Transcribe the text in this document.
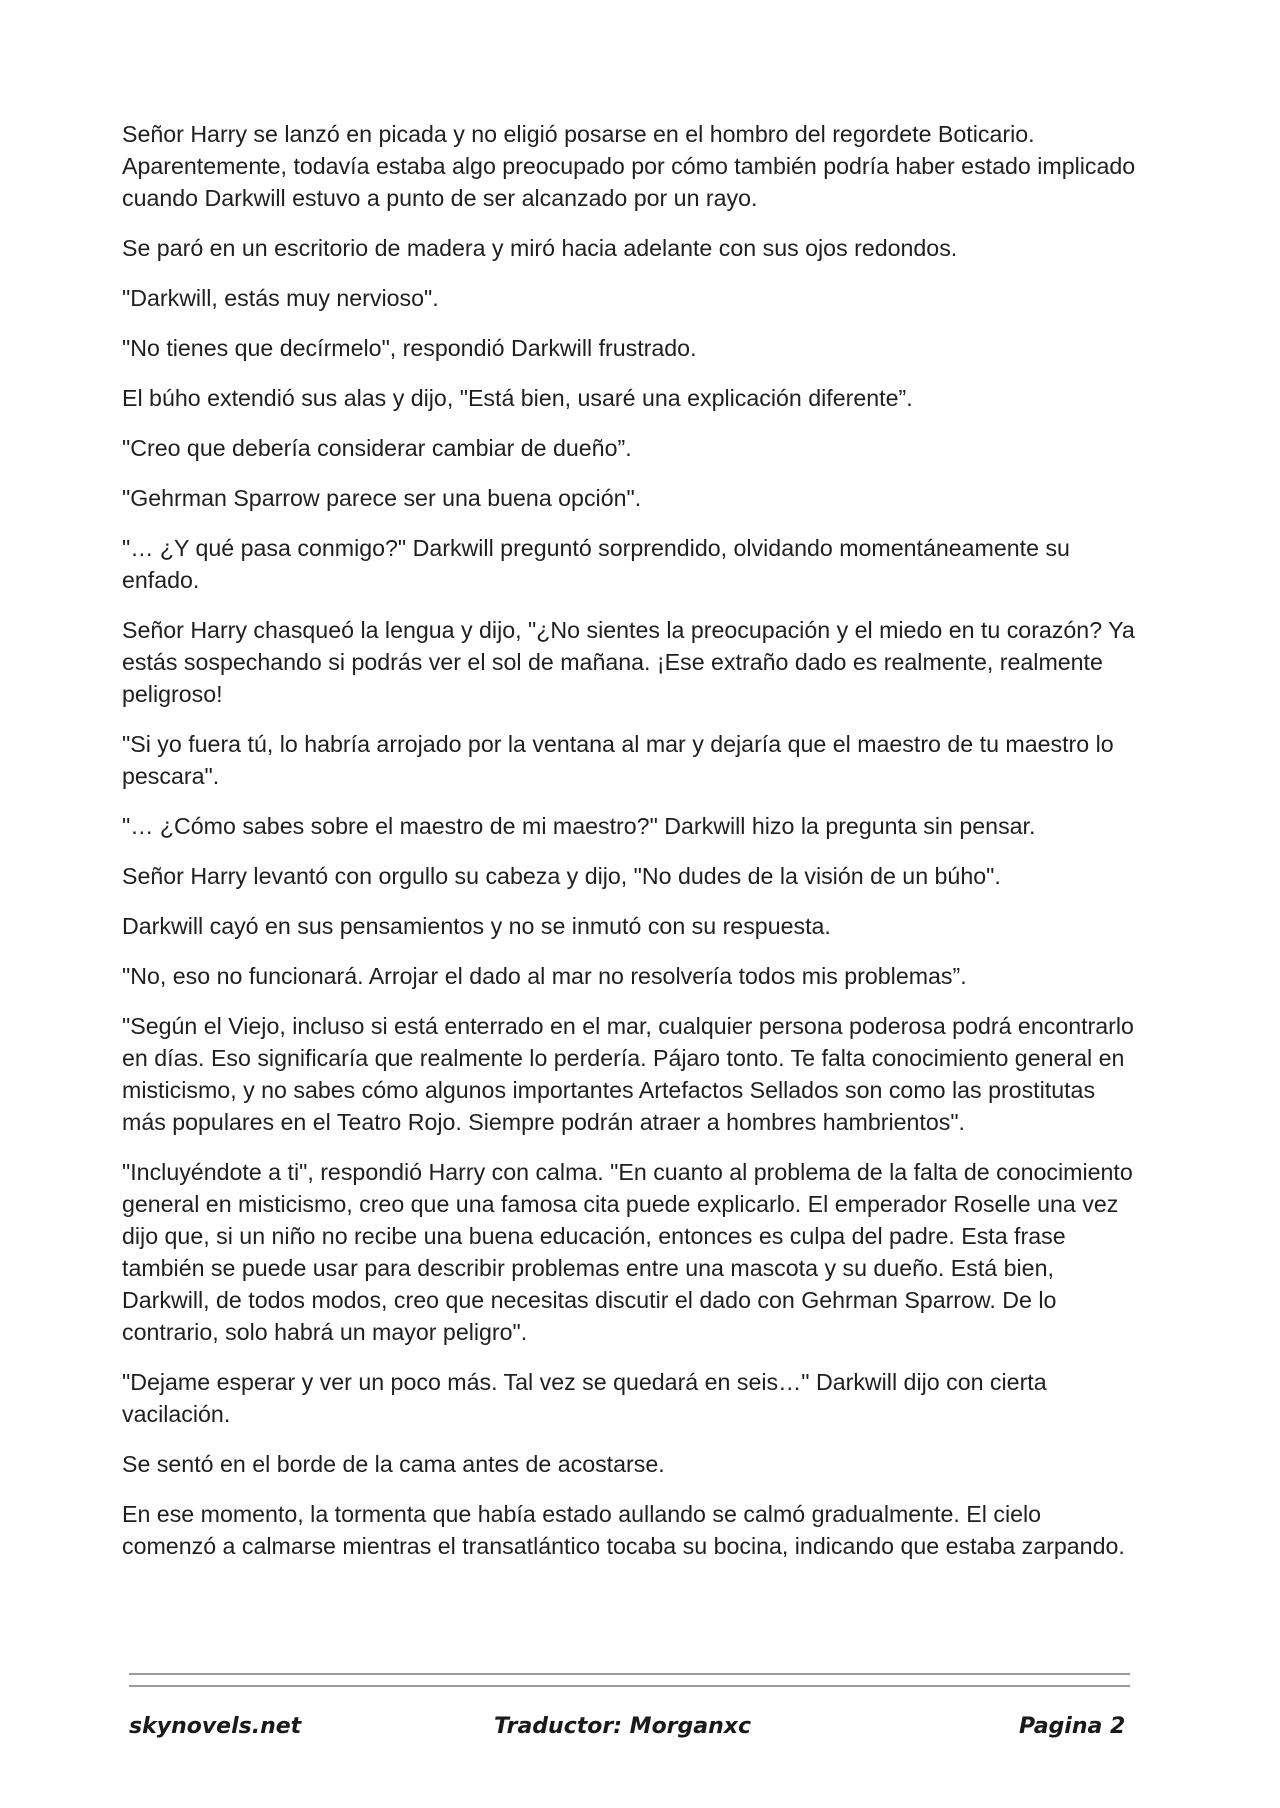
Señor Harry se lanzó en picada y no eligió posarse en el hombro del regordete Boticario. Aparentemente, todavía estaba algo preocupado por cómo también podría haber estado implicado cuando Darkwill estuvo a punto de ser alcanzado por un rayo.

Se paró en un escritorio de madera y miró hacia adelante con sus ojos redondos.

"Darkwill, estás muy nervioso".

"No tienes que decírmelo", respondió Darkwill frustrado.

El búho extendió sus alas y dijo, "Está bien, usaré una explicación diferente”.

"Creo que debería considerar cambiar de dueño”.

"Gehrman Sparrow parece ser una buena opción".

"… ¿Y qué pasa conmigo?" Darkwill preguntó sorprendido, olvidando momentáneamente su enfado.

Señor Harry chasqueó la lengua y dijo, "¿No sientes la preocupación y el miedo en tu corazón? Ya estás sospechando si podrás ver el sol de mañana. ¡Ese extraño dado es realmente, realmente peligroso!

"Si yo fuera tú, lo habría arrojado por la ventana al mar y dejaría que el maestro de tu maestro lo pescara".

"… ¿Cómo sabes sobre el maestro de mi maestro?" Darkwill hizo la pregunta sin pensar.

Señor Harry levantó con orgullo su cabeza y dijo, "No dudes de la visión de un búho".

Darkwill cayó en sus pensamientos y no se inmutó con su respuesta.

"No, eso no funcionará. Arrojar el dado al mar no resolvería todos mis problemas”.

"Según el Viejo, incluso si está enterrado en el mar, cualquier persona poderosa podrá encontrarlo en días. Eso significaría que realmente lo perdería. Pájaro tonto. Te falta conocimiento general en misticismo, y no sabes cómo algunos importantes Artefactos Sellados son como las prostitutas más populares en el Teatro Rojo. Siempre podrán atraer a hombres hambrientos".

"Incluyéndote a ti", respondió Harry con calma. "En cuanto al problema de la falta de conocimiento general en misticismo, creo que una famosa cita puede explicarlo. El emperador Roselle una vez dijo que, si un niño no recibe una buena educación, entonces es culpa del padre. Esta frase también se puede usar para describir problemas entre una mascota y su dueño. Está bien, Darkwill, de todos modos, creo que necesitas discutir el dado con Gehrman Sparrow. De lo contrario, solo habrá un mayor peligro".

"Dejame esperar y ver un poco más. Tal vez se quedará en seis…" Darkwill dijo con cierta vacilación.

Se sentó en el borde de la cama antes de acostarse.

En ese momento, la tormenta que había estado aullando se calmó gradualmente. El cielo comenzó a calmarse mientras el transatlántico tocaba su bocina, indicando que estaba zarpando.

skynovels.net	Traductor: Morganxc	Pagina 2
